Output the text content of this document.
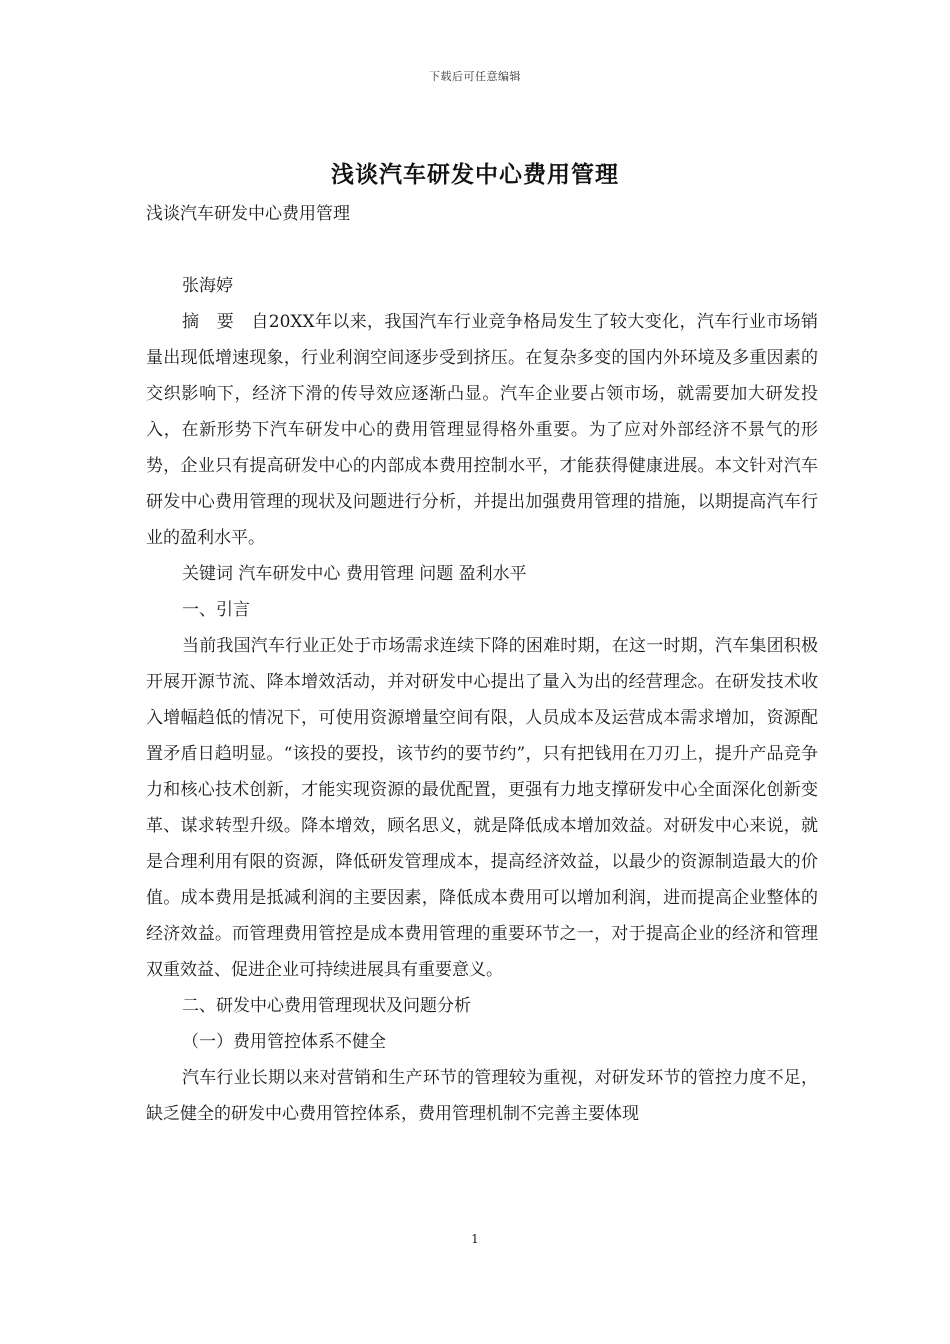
下载后可任意编辑
浅谈汽车研发中心费用管理

浅谈汽车研发中心费用管理

张海婷

摘　要　自20XX年以来，我国汽车行业竞争格局发生了较大变化，汽车行业市场销量出现低增速现象，行业利润空间逐步受到挤压。在复杂多变的国内外环境及多重因素的交织影响下，经济下滑的传导效应逐渐凸显。汽车企业要占领市场，就需要加大研发投入，在新形势下汽车研发中心的费用管理显得格外重要。为了应对外部经济不景气的形势，企业只有提高研发中心的内部成本费用控制水平，才能获得健康进展。本文针对汽车研发中心费用管理的现状及问题进行分析，并提出加强费用管理的措施，以期提高汽车行业的盈利水平。

关键词 汽车研发中心 费用管理 问题 盈利水平

一、引言

当前我国汽车行业正处于市场需求连续下降的困难时期，在这一时期，汽车集团积极开展开源节流、降本增效活动，并对研发中心提出了量入为出的经营理念。在研发技术收入增幅趋低的情况下，可使用资源增量空间有限，人员成本及运营成本需求增加，资源配置矛盾日趋明显。“该投的要投，该节约的要节约”，只有把钱用在刀刃上，提升产品竞争力和核心技术创新，才能实现资源的最优配置，更强有力地支撑研发中心全面深化创新变革、谋求转型升级。降本增效，顾名思义，就是降低成本增加效益。对研发中心来说，就是合理利用有限的资源，降低研发管理成本，提高经济效益，以最少的资源制造最大的价值。成本费用是抵减利润的主要因素，降低成本费用可以增加利润，进而提高企业整体的经济效益。而管理费用管控是成本费用管理的重要环节之一，对于提高企业的经济和管理双重效益、促进企业可持续进展具有重要意义。

二、研发中心费用管理现状及问题分析

（一）费用管控体系不健全

汽车行业长期以来对营销和生产环节的管理较为重视，对研发环节的管控力度不足，缺乏健全的研发中心费用管控体系，费用管理机制不完善主要体现

1
